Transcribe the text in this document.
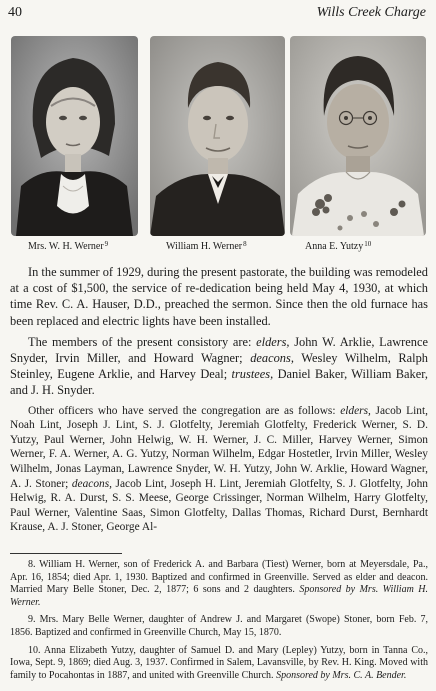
40	Wills Creek Charge
Mrs. W. H. Werner$^9$	William H. Werner$^8$	Anna E. Yutzy$^{10}$

In the summer of 1929, during the present pastorate, the building was remodeled at a cost of $1,500, the service of re-dedication being held May 4, 1930, at which time Rev. C. A. Hauser, D.D., preached the sermon. Since then the old furnace has been replaced and electric lights have been installed.

The members of the present consistory are: elders, John W. Arklie, Lawrence Snyder, Irvin Miller, and Howard Wagner; deacons, Wesley Wilhelm, Ralph Steinley, Eugene Arklie, and Harvey Deal; trustees, Daniel Baker, William Baker, and J. H. Snyder.

Other officers who have served the congregation are as follows: elders, Jacob Lint, Noah Lint, Joseph J. Lint, S. J. Glotfelty, Jeremiah Glotfelty, Frederick Werner, S. D. Yutzy, Paul Werner, John Helwig, W. H. Werner, J. C. Miller, Harvey Werner, Simon Werner, F. A. Werner, A. G. Yutzy, Norman Wilhelm, Edgar Hostetler, Irvin Miller, Wesley Wilhelm, Jonas Layman, Lawrence Snyder, W. H. Yutzy, John W. Arklie, Howard Wagner, A. J. Stoner; deacons, Jacob Lint, Joseph H. Lint, Jeremiah Glotfelty, S. J. Glotfelty, John Helwig, R. A. Durst, S. S. Meese, George Crissinger, Norman Wilhelm, Harry Glotfelty, Paul Werner, Valentine Saas, Simon Glotfelty, Dallas Thomas, Richard Durst, Bernhardt Krause, A. J. Stoner, George Al-

8. William H. Werner, son of Frederick A. and Barbara (Tiest) Werner, born at Meyersdale, Pa., Apr. 16, 1854; died Apr. 1, 1930. Baptized and confirmed in Greenville. Served as elder and deacon. Married Mary Belle Stoner, Dec. 2, 1877; 6 sons and 2 daughters. Sponsored by Mrs. William H. Werner.

9. Mrs. Mary Belle Werner, daughter of Andrew J. and Margaret (Swope) Stoner, born Feb. 7, 1856. Baptized and confirmed in Greenville Church, May 15, 1870.

10. Anna Elizabeth Yutzy, daughter of Samuel D. and Mary (Lepley) Yutzy, born in Tanna Co., Iowa, Sept. 9, 1869; died Aug. 3, 1937. Confirmed in Salem, Lavansville, by Rev. H. King. Moved with family to Pocahontas in 1887, and united with Greenville Church. Sponsored by Mrs. C. A. Bender.
